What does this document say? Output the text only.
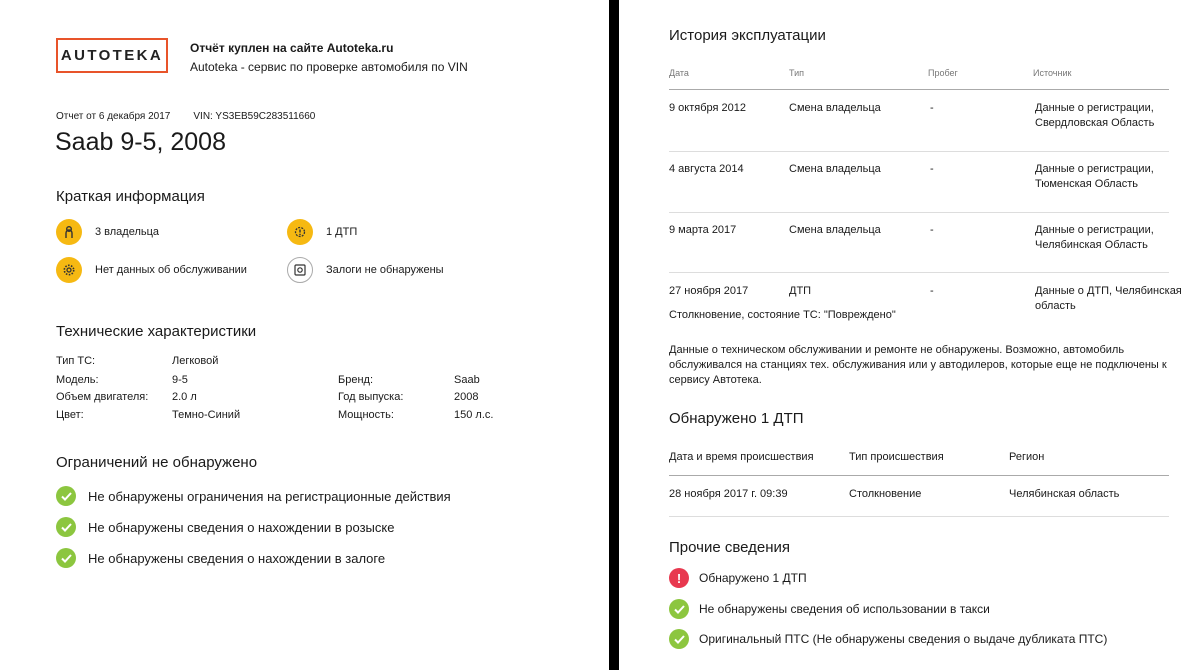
AUTOTEKA	Отчёт куплен на сайте Autoteka.ru
Autoteka - сервис по проверке автомобиля по VIN
Отчет от 6 декабря 2017 VIN: YS3EB59C283511660
Saab 9-5, 2008
Краткая информация
3 владельца	1 ДТП
Нет данных об обслуживании	Залоги не обнаружены
Технические характеристики
Тип ТС:	Легковой
Модель:	9-5	Бренд:	Saab
Объем двигателя: 2.0 л	Год выпуска:	2008
Цвет:	Темно-Синий	Мощность:	150 л.с.
Ограничений не обнаружено
Не обнаружены ограничения на регистрационные действия
Не обнаружены сведения о нахождении в розыске
Не обнаружены сведения о нахождении в залоге
История эксплуатации
Дата	Тип	Пробег	Источник
9 октября 2012	Смена владельца	-	Данные о регистрации,
Свердловская Область
4 августа 2014	Смена владельца	-	Данные о регистрации,
Тюменская Область
9 марта 2017	Смена владельца	-	Данные о регистрации,
Челябинская Область
27 ноября 2017	ДТП	-	Данные о ДТП, Челябинская
область
Столкновение, состояние ТС: "Повреждено"
Данные о техническом обслуживании и ремонте не обнаружены. Возможно, автомобиль обслуживался на станциях тех. обслуживания или у автодилеров, которые еще не подключены к сервису Автотека.
Обнаружено 1 ДТП
Дата и время происшествия	Тип происшествия	Регион
28 ноября 2017 г. 09:39	Столкновение	Челябинская область
Прочие сведения
!	Обнаружено 1 ДТП
Не обнаружены сведения об использовании в такси
Оригинальный ПТС (Не обнаружены сведения о выдаче дубликата ПТС)
